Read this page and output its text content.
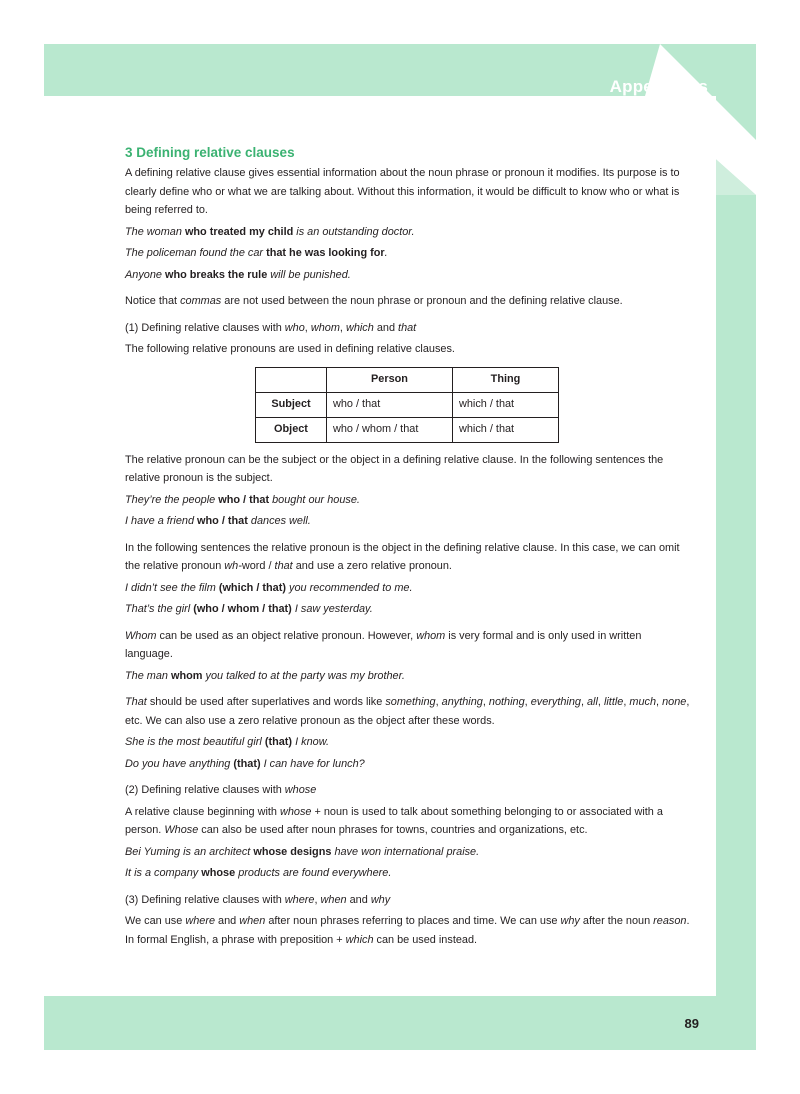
Appendices
3 Defining relative clauses

A defining relative clause gives essential information about the noun phrase or pronoun it modifies. Its purpose is to clearly define who or what we are talking about. Without this information, it would be difficult to know who or what is being referred to.

The woman who treated my child is an outstanding doctor.

The policeman found the car that he was looking for.

Anyone who breaks the rule will be punished.

Notice that commas are not used between the noun phrase or pronoun and the defining relative clause.

(1) Defining relative clauses with who, whom, which and that

The following relative pronouns are used in defining relative clauses.

	Person	Thing
Subject	who / that	which / that
Object	who / whom / that	which / that

The relative pronoun can be the subject or the object in a defining relative clause. In the following sentences the relative pronoun is the subject.

They’re the people who / that bought our house.

I have a friend who / that dances well.

In the following sentences the relative pronoun is the object in the defining relative clause. In this case, we can omit the relative pronoun wh-word / that and use a zero relative pronoun.

I didn’t see the film (which / that) you recommended to me.

That’s the girl (who / whom / that) I saw yesterday.

Whom can be used as an object relative pronoun. However, whom is very formal and is only used in written language.

The man whom you talked to at the party was my brother.

That should be used after superlatives and words like something, anything, nothing, everything, all, little, much, none, etc. We can also use a zero relative pronoun as the object after these words.

She is the most beautiful girl (that) I know.

Do you have anything (that) I can have for lunch?

(2) Defining relative clauses with whose

A relative clause beginning with whose + noun is used to talk about something belonging to or associated with a person. Whose can also be used after noun phrases for towns, countries and organizations, etc.

Bei Yuming is an architect whose designs have won international praise.

It is a company whose products are found everywhere.

(3) Defining relative clauses with where, when and why

We can use where and when after noun phrases referring to places and time. We can use why after the noun reason. In formal English, a phrase with preposition + which can be used instead.

89
